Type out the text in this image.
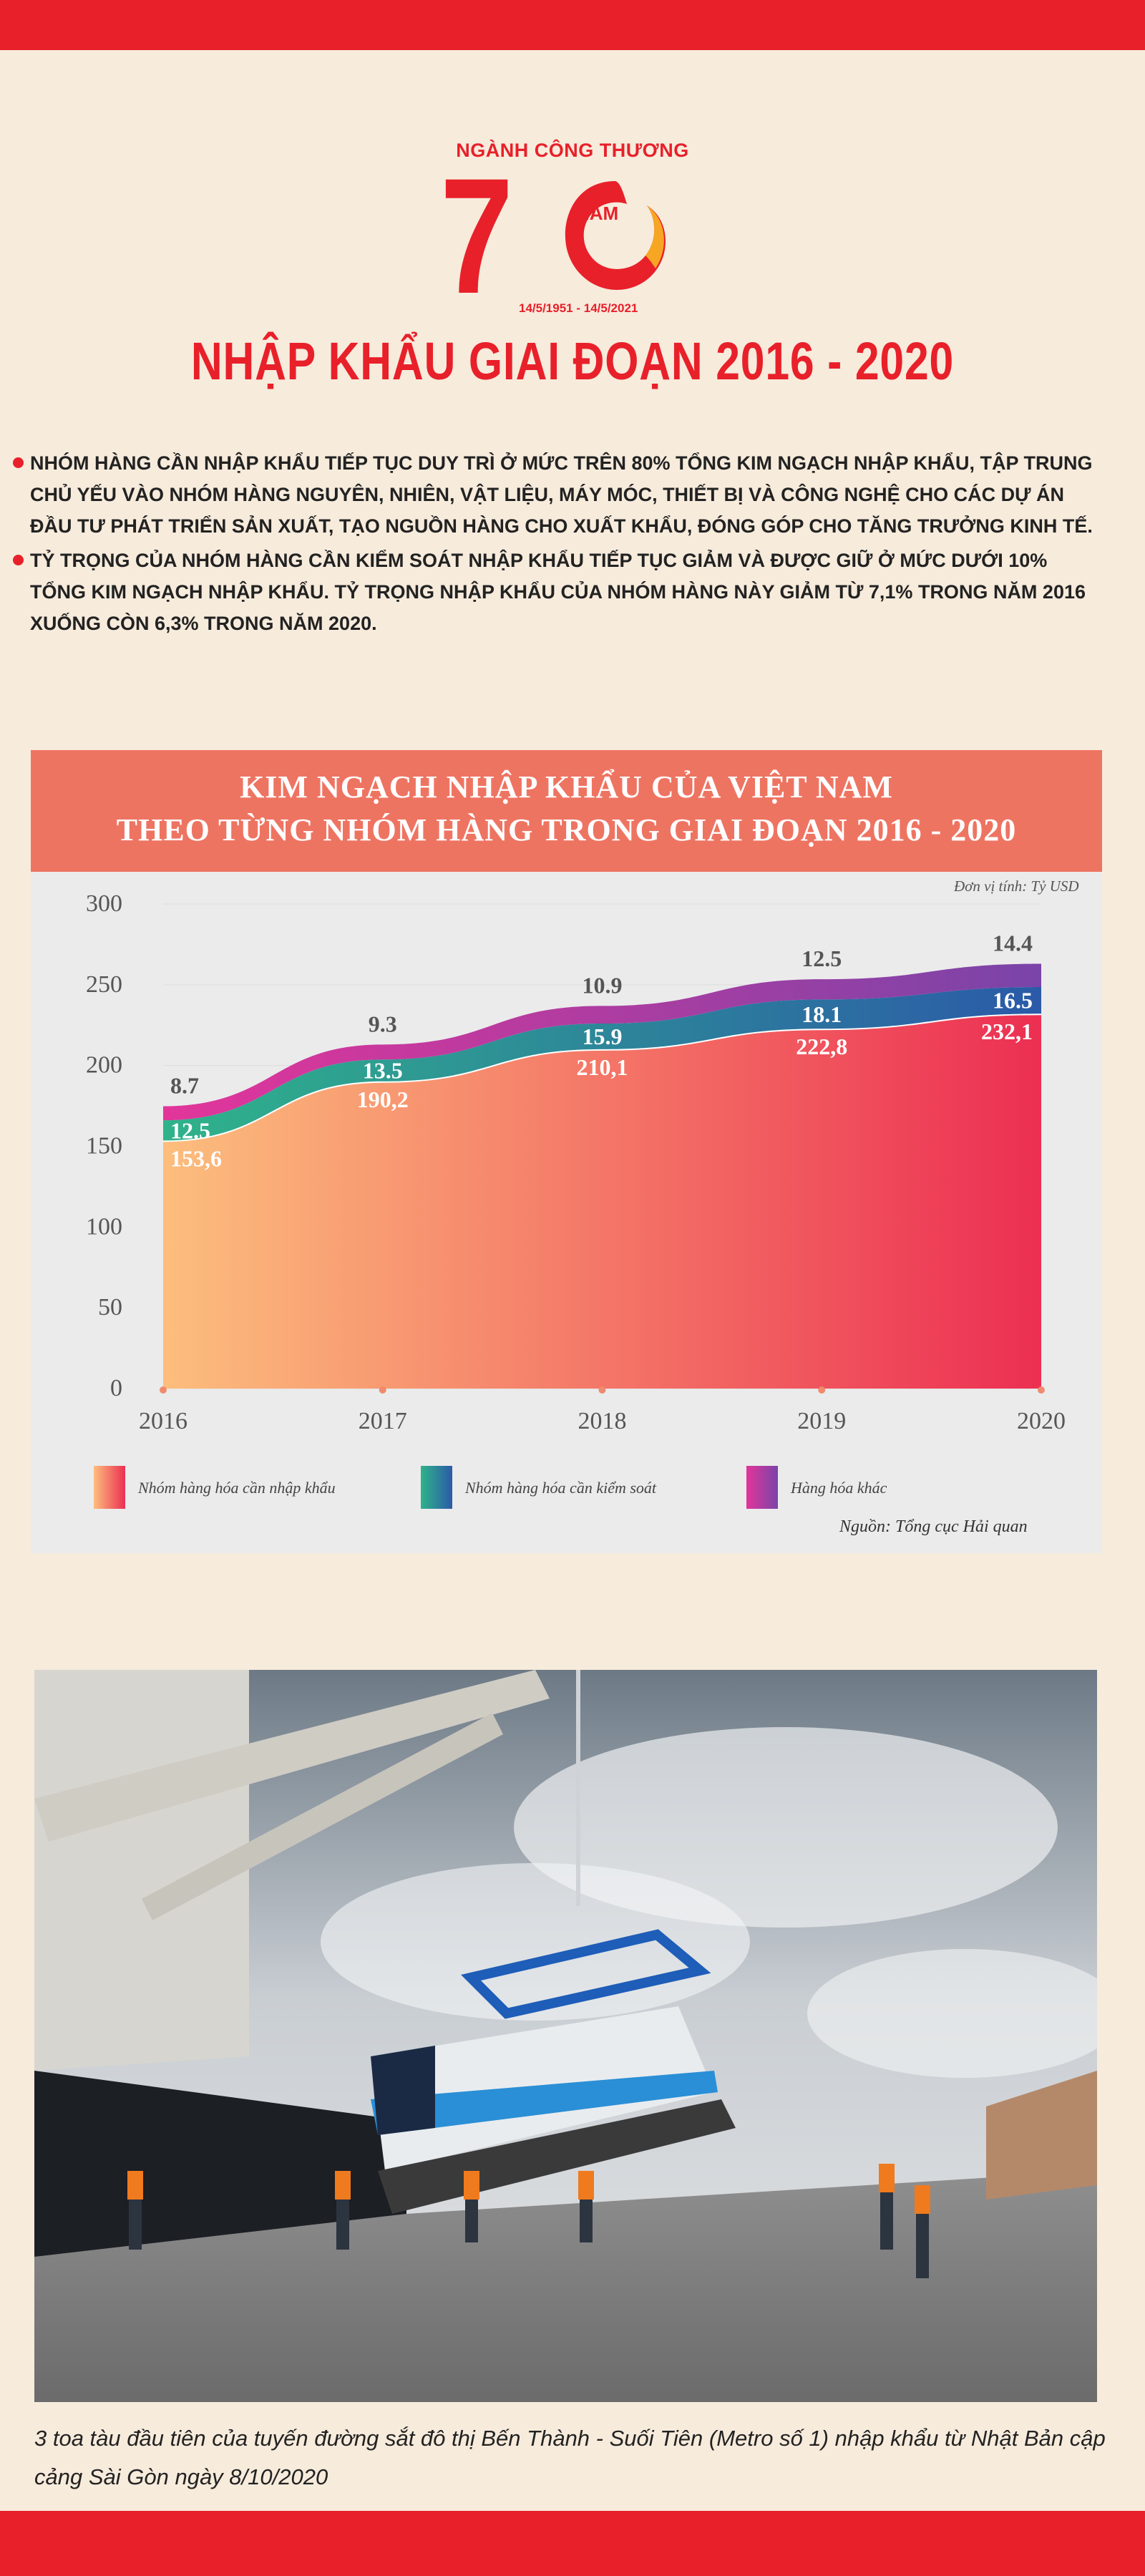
NGÀNH CÔNG THƯƠNG
7	NĂM
14/5/1951 - 14/5/2021
NHẬP KHẨU GIAI ĐOẠN 2016 - 2020
NHÓM HÀNG CẦN NHẬP KHẨU TIẾP TỤC DUY TRÌ Ở MỨC TRÊN 80% TỔNG KIM NGẠCH NHẬP KHẨU, TẬP TRUNG CHỦ YẾU VÀO NHÓM HÀNG NGUYÊN, NHIÊN, VẬT LIỆU, MÁY MÓC, THIẾT BỊ VÀ CÔNG NGHỆ CHO CÁC DỰ ÁN ĐẦU TƯ PHÁT TRIỂN SẢN XUẤT, TẠO NGUỒN HÀNG CHO XUẤT KHẨU, ĐÓNG GÓP CHO TĂNG TRƯỞNG KINH TẾ.
TỶ TRỌNG CỦA NHÓM HÀNG CẦN KIỂM SOÁT NHẬP KHẨU TIẾP TỤC GIẢM VÀ ĐƯỢC GIỮ Ở MỨC DƯỚI 10% TỔNG KIM NGẠCH NHẬP KHẨU. TỶ TRỌNG NHẬP KHẨU CỦA NHÓM HÀNG NÀY GIẢM TỪ 7,1% TRONG NĂM 2016 XUỐNG CÒN 6,3% TRONG NĂM 2020.
KIM NGẠCH NHẬP KHẨU CỦA VIỆT NAM
THEO TỪNG NHÓM HÀNG TRONG GIAI ĐOẠN 2016 - 2020
Đơn vị tính: Tỷ USD
153,6
190,2
210,1
222,8
232,1
12.5
13.5
15.9
18.1
16.5
8.7
9.3
10.9
12.5
14.4
0
50
100
150
200
250
300
2016	2017	2018	2019	2020
Nhóm hàng hóa cần nhập khẩu	Nhóm hàng hóa cần kiểm soát	Hàng hóa khác
Nguồn: Tổng cục Hải quan
3 toa tàu đầu tiên của tuyến đường sắt đô thị Bến Thành - Suối Tiên (Metro số 1) nhập khẩu từ Nhật Bản cập cảng Sài Gòn ngày 8/10/2020
